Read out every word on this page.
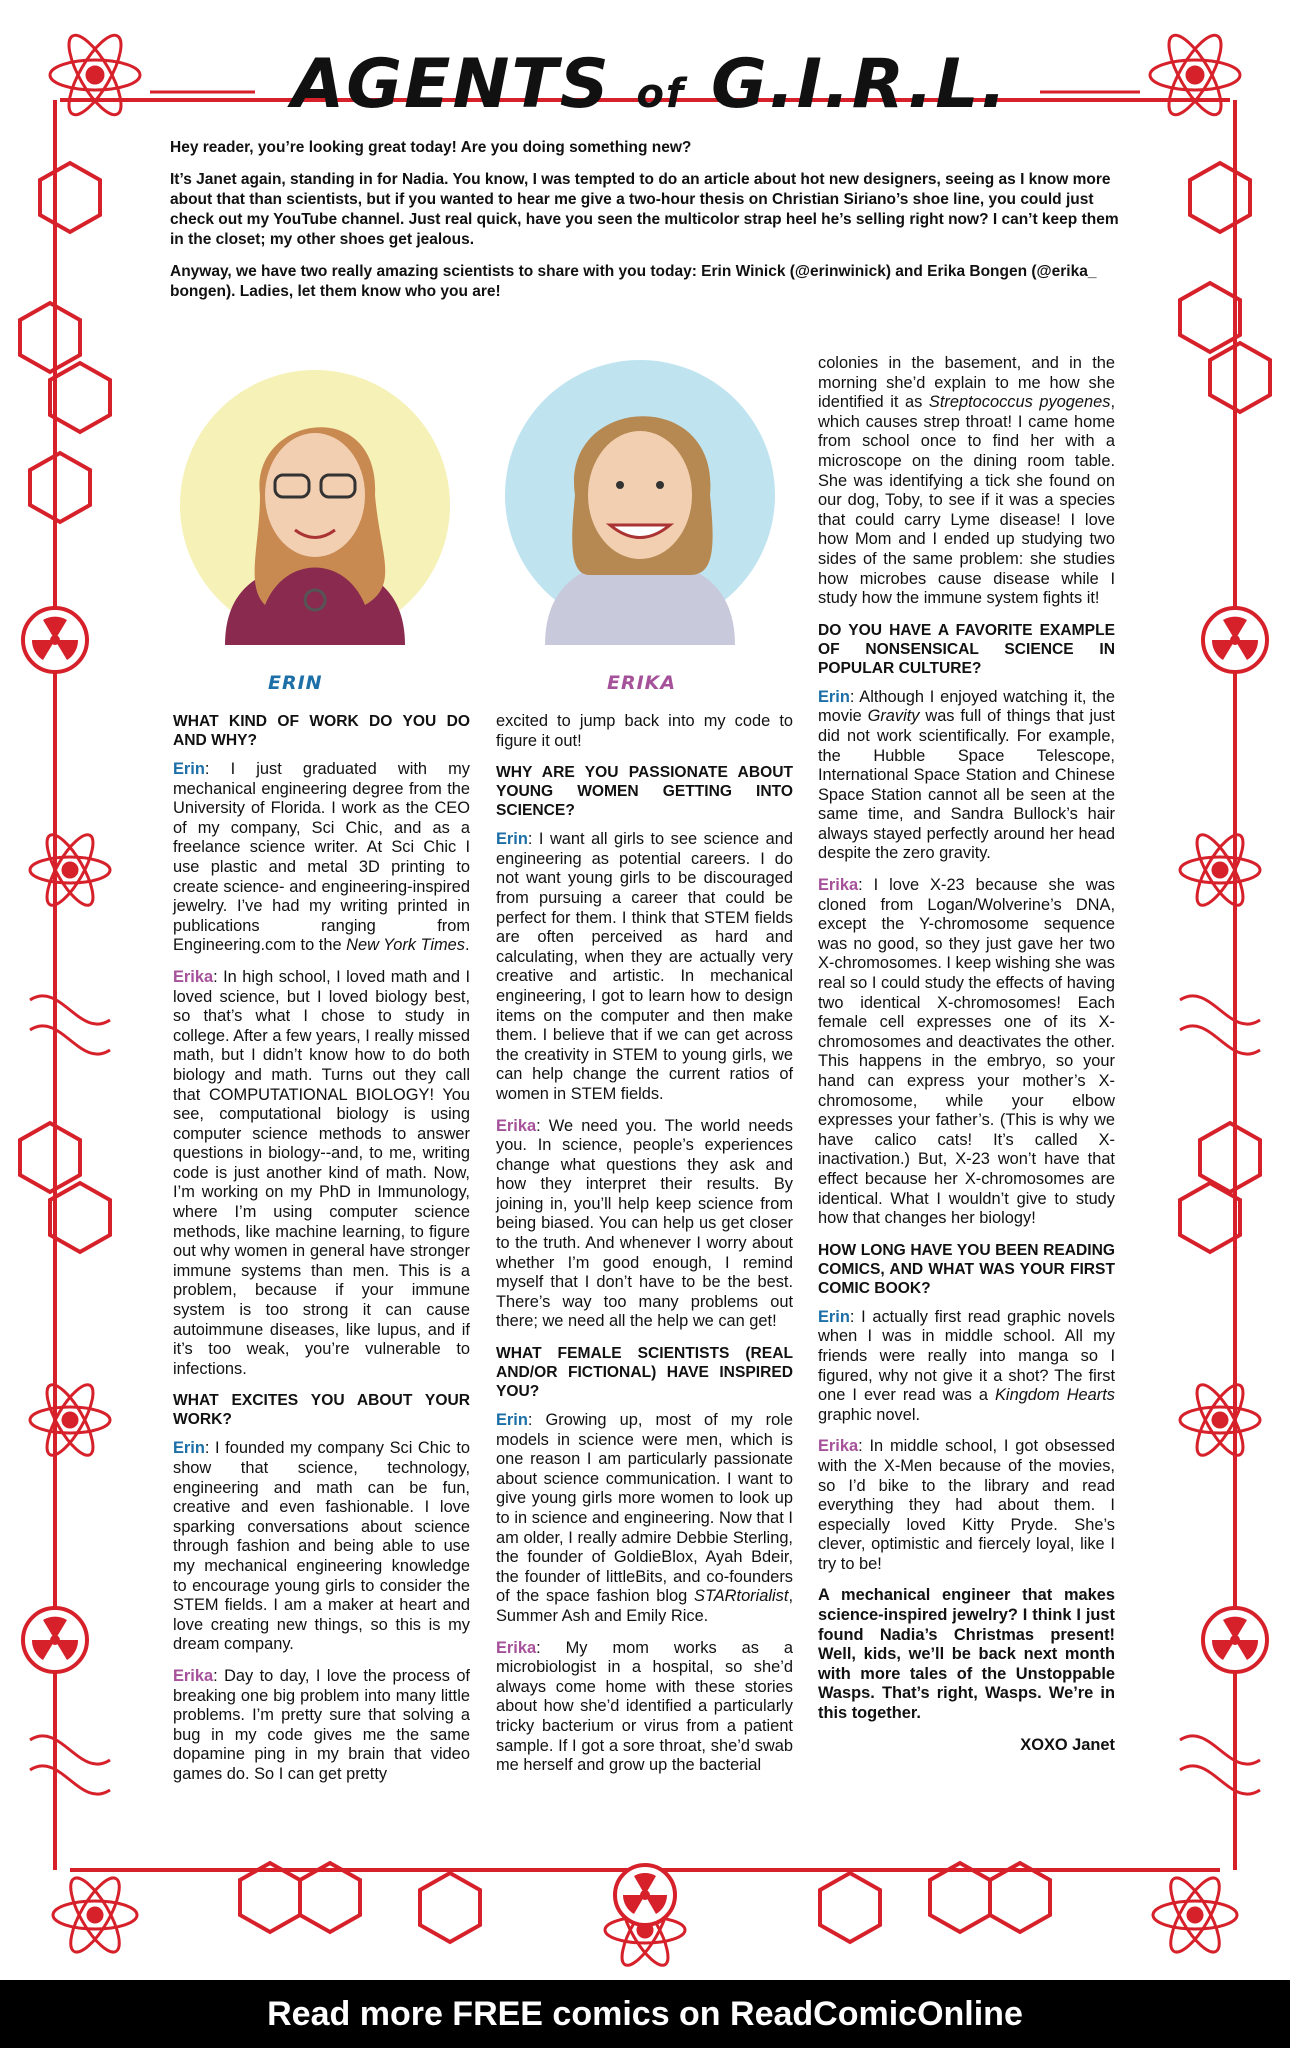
AGENTS of G.I.R.L.

Hey reader, you’re looking great today! Are you doing something new?

It’s Janet again, standing in for Nadia. You know, I was tempted to do an article about hot new designers, seeing as I know more about that than scientists, but if you wanted to hear me give a two-hour thesis on Christian Siriano’s shoe line, you could just check out my YouTube channel. Just real quick, have you seen the multicolor strap heel he’s selling right now? I can’t keep them in the closet; my other shoes get jealous.

Anyway, we have two really amazing scientists to share with you today: Erin Winick (@erinwinick) and Erika Bongen (@erika_ bongen). Ladies, let them know who you are!

ERIN	ERIKA
WHAT KIND OF WORK DO YOU DO AND WHY?

Erin: I just graduated with my mechanical engineering degree from the University of Florida. I work as the CEO of my company, Sci Chic, and as a freelance science writer. At Sci Chic I use plastic and metal 3D printing to create science- and engineering-inspired jewelry. I’ve had my writing printed in publications ranging from Engineering.com to the New York Times.

Erika: In high school, I loved math and I loved science, but I loved biology best, so that’s what I chose to study in college. After a few years, I really missed math, but I didn’t know how to do both biology and math. Turns out they call that COMPUTATIONAL BIOLOGY! You see, computational biology is using computer science methods to answer questions in biology--and, to me, writing code is just another kind of math. Now, I’m working on my PhD in Immunology, where I’m using computer science methods, like machine learning, to figure out why women in general have stronger immune systems than men. This is a problem, because if your immune system is too strong it can cause autoimmune diseases, like lupus, and if it’s too weak, you’re vulnerable to infections.

WHAT EXCITES YOU ABOUT YOUR WORK?

Erin: I founded my company Sci Chic to show that science, technology, engineering and math can be fun, creative and even fashionable. I love sparking conversations about science through fashion and being able to use my mechanical engineering knowledge to encourage young girls to consider the STEM fields. I am a maker at heart and love creating new things, so this is my dream company.

Erika: Day to day, I love the process of breaking one big problem into many little problems. I’m pretty sure that solving a bug in my code gives me the same dopamine ping in my brain that video games do. So I can get pretty

excited to jump back into my code to figure it out!

WHY ARE YOU PASSIONATE ABOUT YOUNG WOMEN GETTING INTO SCIENCE?

Erin: I want all girls to see science and engineering as potential careers. I do not want young girls to be discouraged from pursuing a career that could be perfect for them. I think that STEM fields are often perceived as hard and calculating, when they are actually very creative and artistic. In mechanical engineering, I got to learn how to design items on the computer and then make them. I believe that if we can get across the creativity in STEM to young girls, we can help change the current ratios of women in STEM fields.

Erika: We need you. The world needs you. In science, people’s experiences change what questions they ask and how they interpret their results. By joining in, you’ll help keep science from being biased. You can help us get closer to the truth. And whenever I worry about whether I’m good enough, I remind myself that I don’t have to be the best. There’s way too many problems out there; we need all the help we can get!

WHAT FEMALE SCIENTISTS (REAL AND/OR FICTIONAL) HAVE INSPIRED YOU?

Erin: Growing up, most of my role models in science were men, which is one reason I am particularly passionate about science communication. I want to give young girls more women to look up to in science and engineering. Now that I am older, I really admire Debbie Sterling, the founder of GoldieBlox, Ayah Bdeir, the founder of littleBits, and co-founders of the space fashion blog STARtorialist, Summer Ash and Emily Rice.

Erika: My mom works as a microbiologist in a hospital, so she’d always come home with these stories about how she’d identified a particularly tricky bacterium or virus from a patient sample. If I got a sore throat, she’d swab me herself and grow up the bacterial

colonies in the basement, and in the morning she’d explain to me how she identified it as Streptococcus pyogenes, which causes strep throat! I came home from school once to find her with a microscope on the dining room table. She was identifying a tick she found on our dog, Toby, to see if it was a species that could carry Lyme disease! I love how Mom and I ended up studying two sides of the same problem: she studies how microbes cause disease while I study how the immune system fights it!

DO YOU HAVE A FAVORITE EXAMPLE OF NONSENSICAL SCIENCE IN POPULAR CULTURE?

Erin: Although I enjoyed watching it, the movie Gravity was full of things that just did not work scientifically. For example, the Hubble Space Telescope, International Space Station and Chinese Space Station cannot all be seen at the same time, and Sandra Bullock’s hair always stayed perfectly around her head despite the zero gravity.

Erika: I love X-23 because she was cloned from Logan/Wolverine’s DNA, except the Y-chromosome sequence was no good, so they just gave her two X-chromosomes. I keep wishing she was real so I could study the effects of having two identical X-chromosomes! Each female cell expresses one of its X-chromosomes and deactivates the other. This happens in the embryo, so your hand can express your mother’s X-chromosome, while your elbow expresses your father’s. (This is why we have calico cats! It’s called X-inactivation.) But, X-23 won’t have that effect because her X-chromosomes are identical. What I wouldn’t give to study how that changes her biology!

HOW LONG HAVE YOU BEEN READING COMICS, AND WHAT WAS YOUR FIRST COMIC BOOK?

Erin: I actually first read graphic novels when I was in middle school. All my friends were really into manga so I figured, why not give it a shot? The first one I ever read was a Kingdom Hearts graphic novel.

Erika: In middle school, I got obsessed with the X-Men because of the movies, so I’d bike to the library and read everything they had about them. I especially loved Kitty Pryde. She’s clever, optimistic and fiercely loyal, like I try to be!

A mechanical engineer that makes science-inspired jewelry? I think I just found Nadia’s Christmas present! Well, kids, we’ll be back next month with more tales of the Unstoppable Wasps. That’s right, Wasps. We’re in this together.

XOXO Janet

Read more FREE comics on ReadComicOnline
